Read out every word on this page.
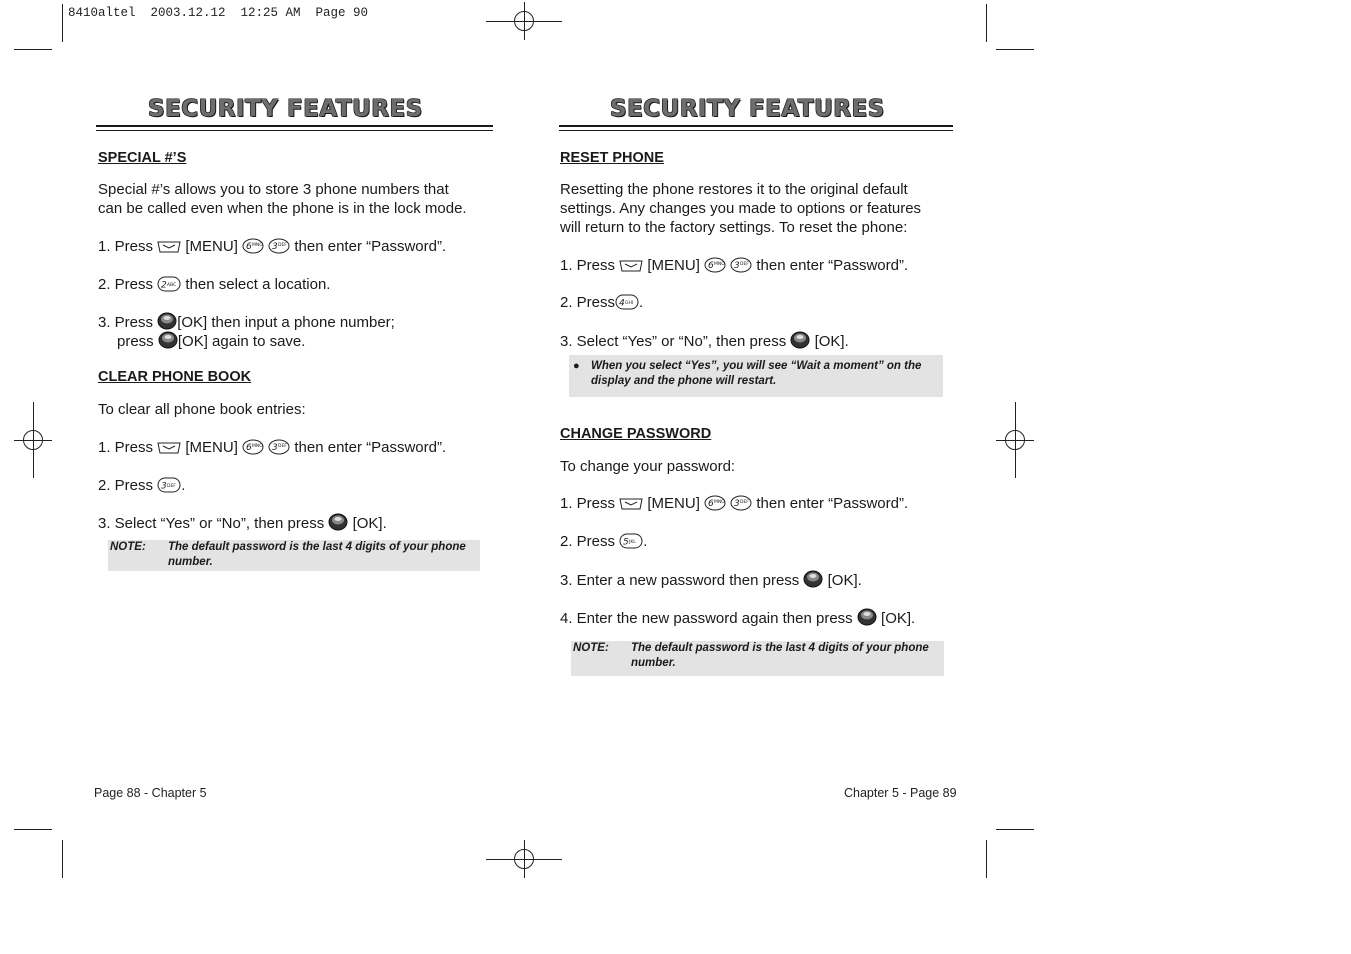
8410altel  2003.12.12  12:25 AM  Page 90
SECURITY FEATURES
SPECIAL #’S
Special #’s allows you to store 3 phone numbers that
can be called even when the phone is in the lock mode.
1. Press [MENU] 6 MNO
3 DEF then enter “Password”.
2. Press 2 ABC then select a location.
3. Press [OK] then input a phone number;
press [OK] again to save.
CLEAR PHONE BOOK
To clear all phone book entries:
1. Press [MENU] 6 MNO
3 DEF then enter “Password”.
2. Press 3 DEF .
3. Select “Yes” or “No”, then press [OK].
NOTE: The default password is the last 4 digits of your phone number.
Page 88 - Chapter 5
SECURITY FEATURES
RESET PHONE
Resetting the phone restores it to the original default
settings. Any changes you made to options or features
will return to the factory settings. To reset the phone:
1. Press [MENU] 6 MNO
3 DEF then enter “Password”.
2. Press 4 GHI .
3. Select “Yes” or “No”, then press [OK].
● When you select “Yes”, you will see “Wait a moment” on the display and the phone will restart.
CHANGE PASSWORD
To change your password:
1. Press [MENU] 6 MNO
3 DEF then enter “Password”.
2. Press 5 JKL .
3. Enter a new password then press [OK].
4. Enter the new password again then press [OK].
NOTE: The default password is the last 4 digits of your phone number.
Chapter 5 - Page 89
